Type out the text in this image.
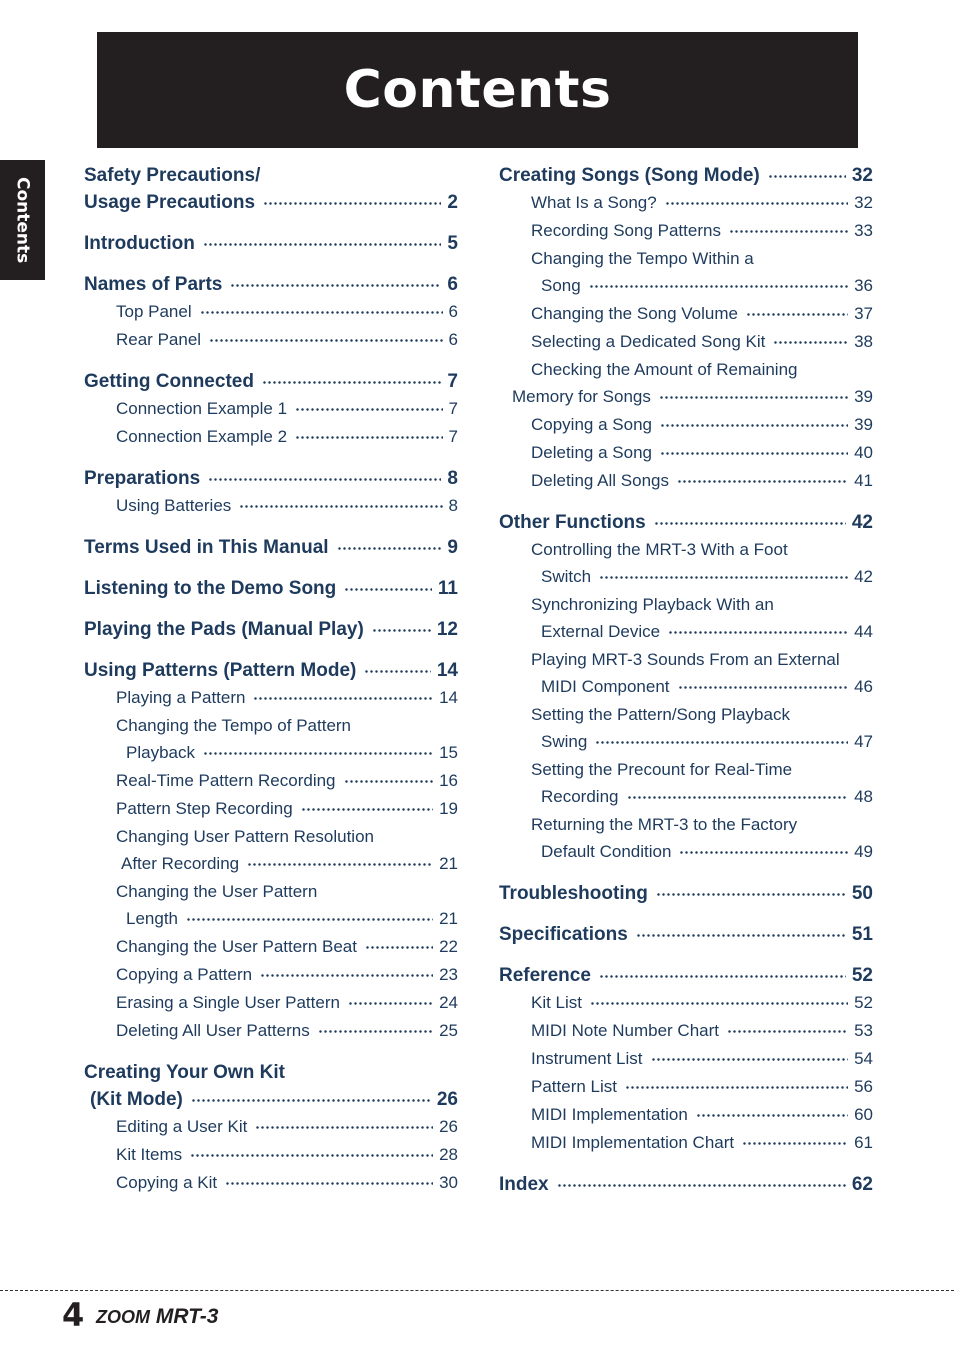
Contents
Contents
Safety Precautions/
Usage Precautions	2
Introduction	5
Names of Parts	6
Top Panel	6
Rear Panel	6
Getting Connected	7
Connection Example 1	7
Connection Example 2	7
Preparations	8
Using Batteries	8
Terms Used in This Manual	9
Listening to the Demo Song	11
Playing the Pads (Manual Play)	12
Using Patterns (Pattern Mode)	14
Playing a Pattern	14
Changing the Tempo of Pattern
Playback	15
Real-Time Pattern Recording	16
Pattern Step Recording	19
Changing User Pattern Resolution
After Recording	21
Changing the User Pattern
Length	21
Changing the User Pattern Beat	22
Copying a Pattern	23
Erasing a Single User Pattern	24
Deleting All User Patterns	25
Creating Your Own Kit
(Kit Mode)	26
Editing a User Kit	26
Kit Items	28
Copying a Kit	30
Creating Songs (Song Mode)	32
What Is a Song?	32
Recording Song Patterns	33
Changing the Tempo Within a
Song	36
Changing the Song Volume	37
Selecting a Dedicated Song Kit	38
Checking the Amount of Remaining
Memory for Songs	39
Copying a Song	39
Deleting a Song	40
Deleting All Songs	41
Other Functions	42
Controlling the MRT-3 With a Foot
Switch	42
Synchronizing Playback With an
External Device	44
Playing MRT-3 Sounds From an External
MIDI Component	46
Setting the Pattern/Song Playback
Swing	47
Setting the Precount for Real-Time
Recording	48
Returning the MRT-3 to the Factory
Default Condition	49
Troubleshooting	50
Specifications	51
Reference	52
Kit List	52
MIDI Note Number Chart	53
Instrument List	54
Pattern List	56
MIDI Implementation	60
MIDI Implementation Chart	61
Index	62
4 ZOOM MRT-3
